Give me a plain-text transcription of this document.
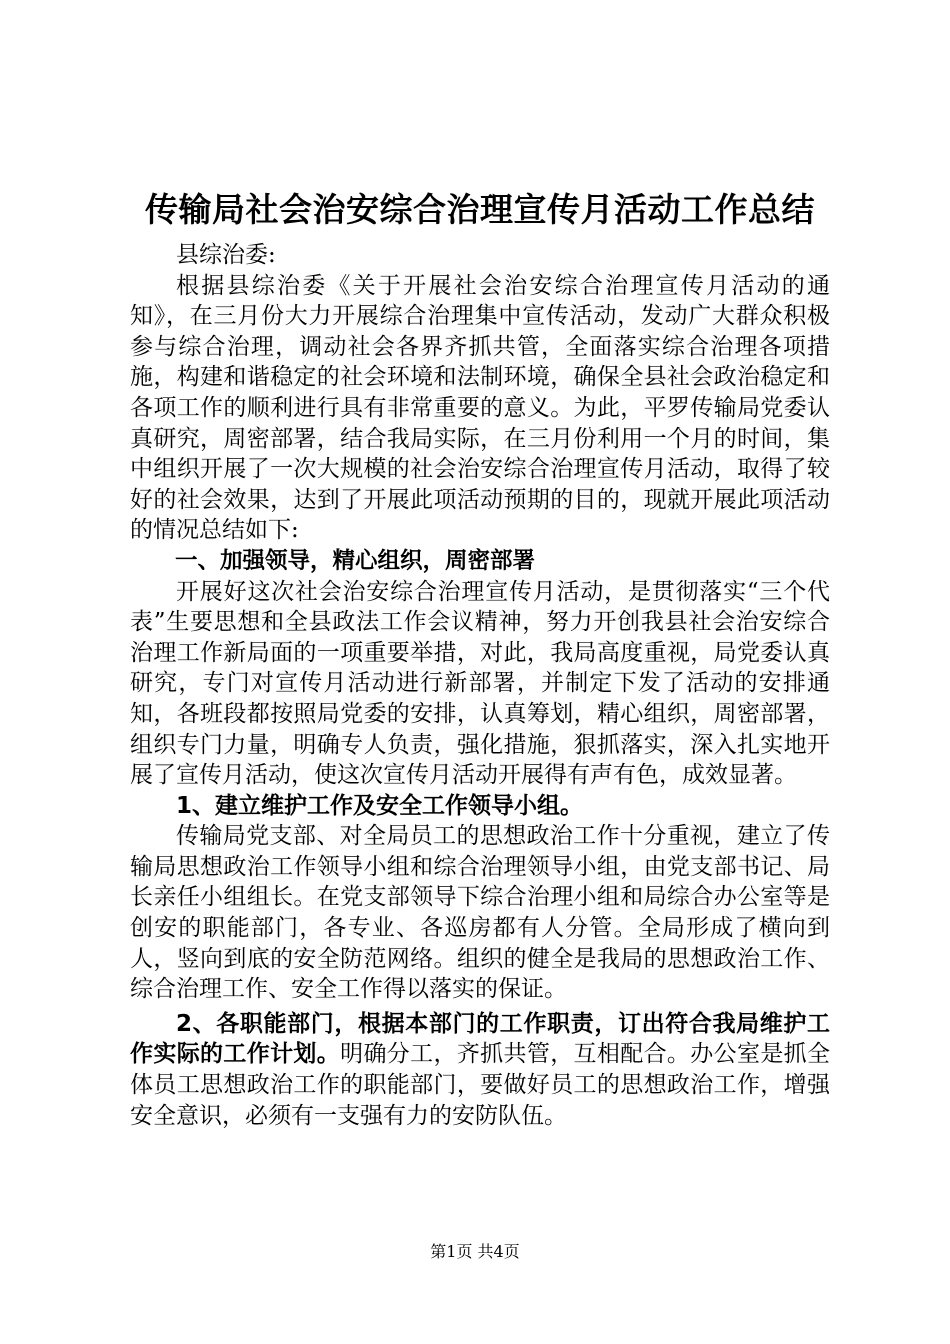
传输局社会治安综合治理宣传月活动工作总结

县综治委:

根据县综治委《关于开展社会治安综合治理宣传月活动的通知》，在三月份大力开展综合治理集中宣传活动，发动广大群众积极参与综合治理，调动社会各界齐抓共管，全面落实综合治理各项措施，构建和谐稳定的社会环境和法制环境，确保全县社会政治稳定和各项工作的顺利进行具有非常重要的意义。为此，平罗传输局党委认真研究，周密部署，结合我局实际，在三月份利用一个月的时间，集中组织开展了一次大规模的社会治安综合治理宣传月活动，取得了较好的社会效果，达到了开展此项活动预期的目的，现就开展此项活动的情况总结如下:

一、加强领导，精心组织，周密部署

开展好这次社会治安综合治理宣传月活动，是贯彻落实“三个代表”生要思想和全县政法工作会议精神，努力开创我县社会治安综合治理工作新局面的一项重要举措，对此，我局高度重视，局党委认真研究，专门对宣传月活动进行新部署，并制定下发了活动的安排通知，各班段都按照局党委的安排，认真筹划，精心组织，周密部署，组织专门力量，明确专人负责，强化措施，狠抓落实，深入扎实地开展了宣传月活动，使这次宣传月活动开展得有声有色，成效显著。

1、建立维护工作及安全工作领导小组。

传输局党支部、对全局员工的思想政治工作十分重视，建立了传输局思想政治工作领导小组和综合治理领导小组，由党支部书记、局长亲任小组组长。在党支部领导下综合治理小组和局综合办公室等是创安的职能部门，各专业、各巡房都有人分管。全局形成了横向到人，竖向到底的安全防范网络。组织的健全是我局的思想政治工作、综合治理工作、安全工作得以落实的保证。

2、各职能部门，根据本部门的工作职责，订出符合我局维护工作实际的工作计划。明确分工，齐抓共管，互相配合。办公室是抓全体员工思想政治工作的职能部门，要做好员工的思想政治工作，增强安全意识，必须有一支强有力的安防队伍。

第1页 共4页
